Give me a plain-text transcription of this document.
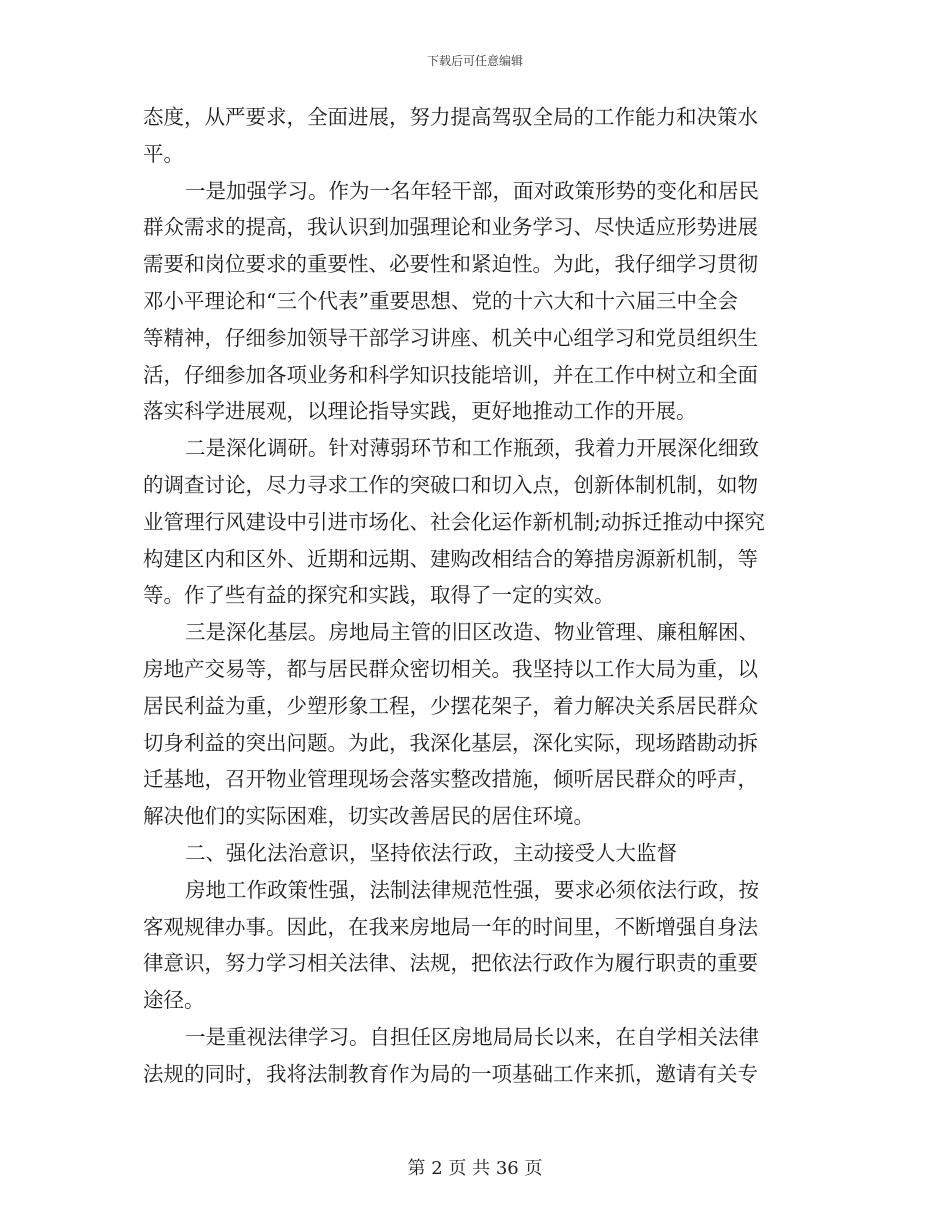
下载后可任意编辑
态度，从严要求，全面进展，努力提高驾驭全局的工作能力和决策水
平。
一是加强学习。作为一名年轻干部，面对政策形势的变化和居民
群众需求的提高，我认识到加强理论和业务学习、尽快适应形势进展
需要和岗位要求的重要性、必要性和紧迫性。为此，我仔细学习贯彻
邓小平理论和“三个代表”重要思想、党的十六大和十六届三中全会
等精神，仔细参加领导干部学习讲座、机关中心组学习和党员组织生
活，仔细参加各项业务和科学知识技能培训，并在工作中树立和全面
落实科学进展观，以理论指导实践，更好地推动工作的开展。
二是深化调研。针对薄弱环节和工作瓶颈，我着力开展深化细致
的调查讨论，尽力寻求工作的突破口和切入点，创新体制机制，如物
业管理行风建设中引进市场化、社会化运作新机制;动拆迁推动中探究
构建区内和区外、近期和远期、建购改相结合的筹措房源新机制，等
等。作了些有益的探究和实践，取得了一定的实效。
三是深化基层。房地局主管的旧区改造、物业管理、廉租解困、
房地产交易等，都与居民群众密切相关。我坚持以工作大局为重，以
居民利益为重，少塑形象工程，少摆花架子，着力解决关系居民群众
切身利益的突出问题。为此，我深化基层，深化实际，现场踏勘动拆
迁基地，召开物业管理现场会落实整改措施，倾听居民群众的呼声，
解决他们的实际困难，切实改善居民的居住环境。
二、强化法治意识，坚持依法行政，主动接受人大监督
房地工作政策性强，法制法律规范性强，要求必须依法行政，按
客观规律办事。因此，在我来房地局一年的时间里，不断增强自身法
律意识，努力学习相关法律、法规，把依法行政作为履行职责的重要
途径。
一是重视法律学习。自担任区房地局局长以来，在自学相关法律
法规的同时，我将法制教育作为局的一项基础工作来抓，邀请有关专
第 2 页 共 36 页
